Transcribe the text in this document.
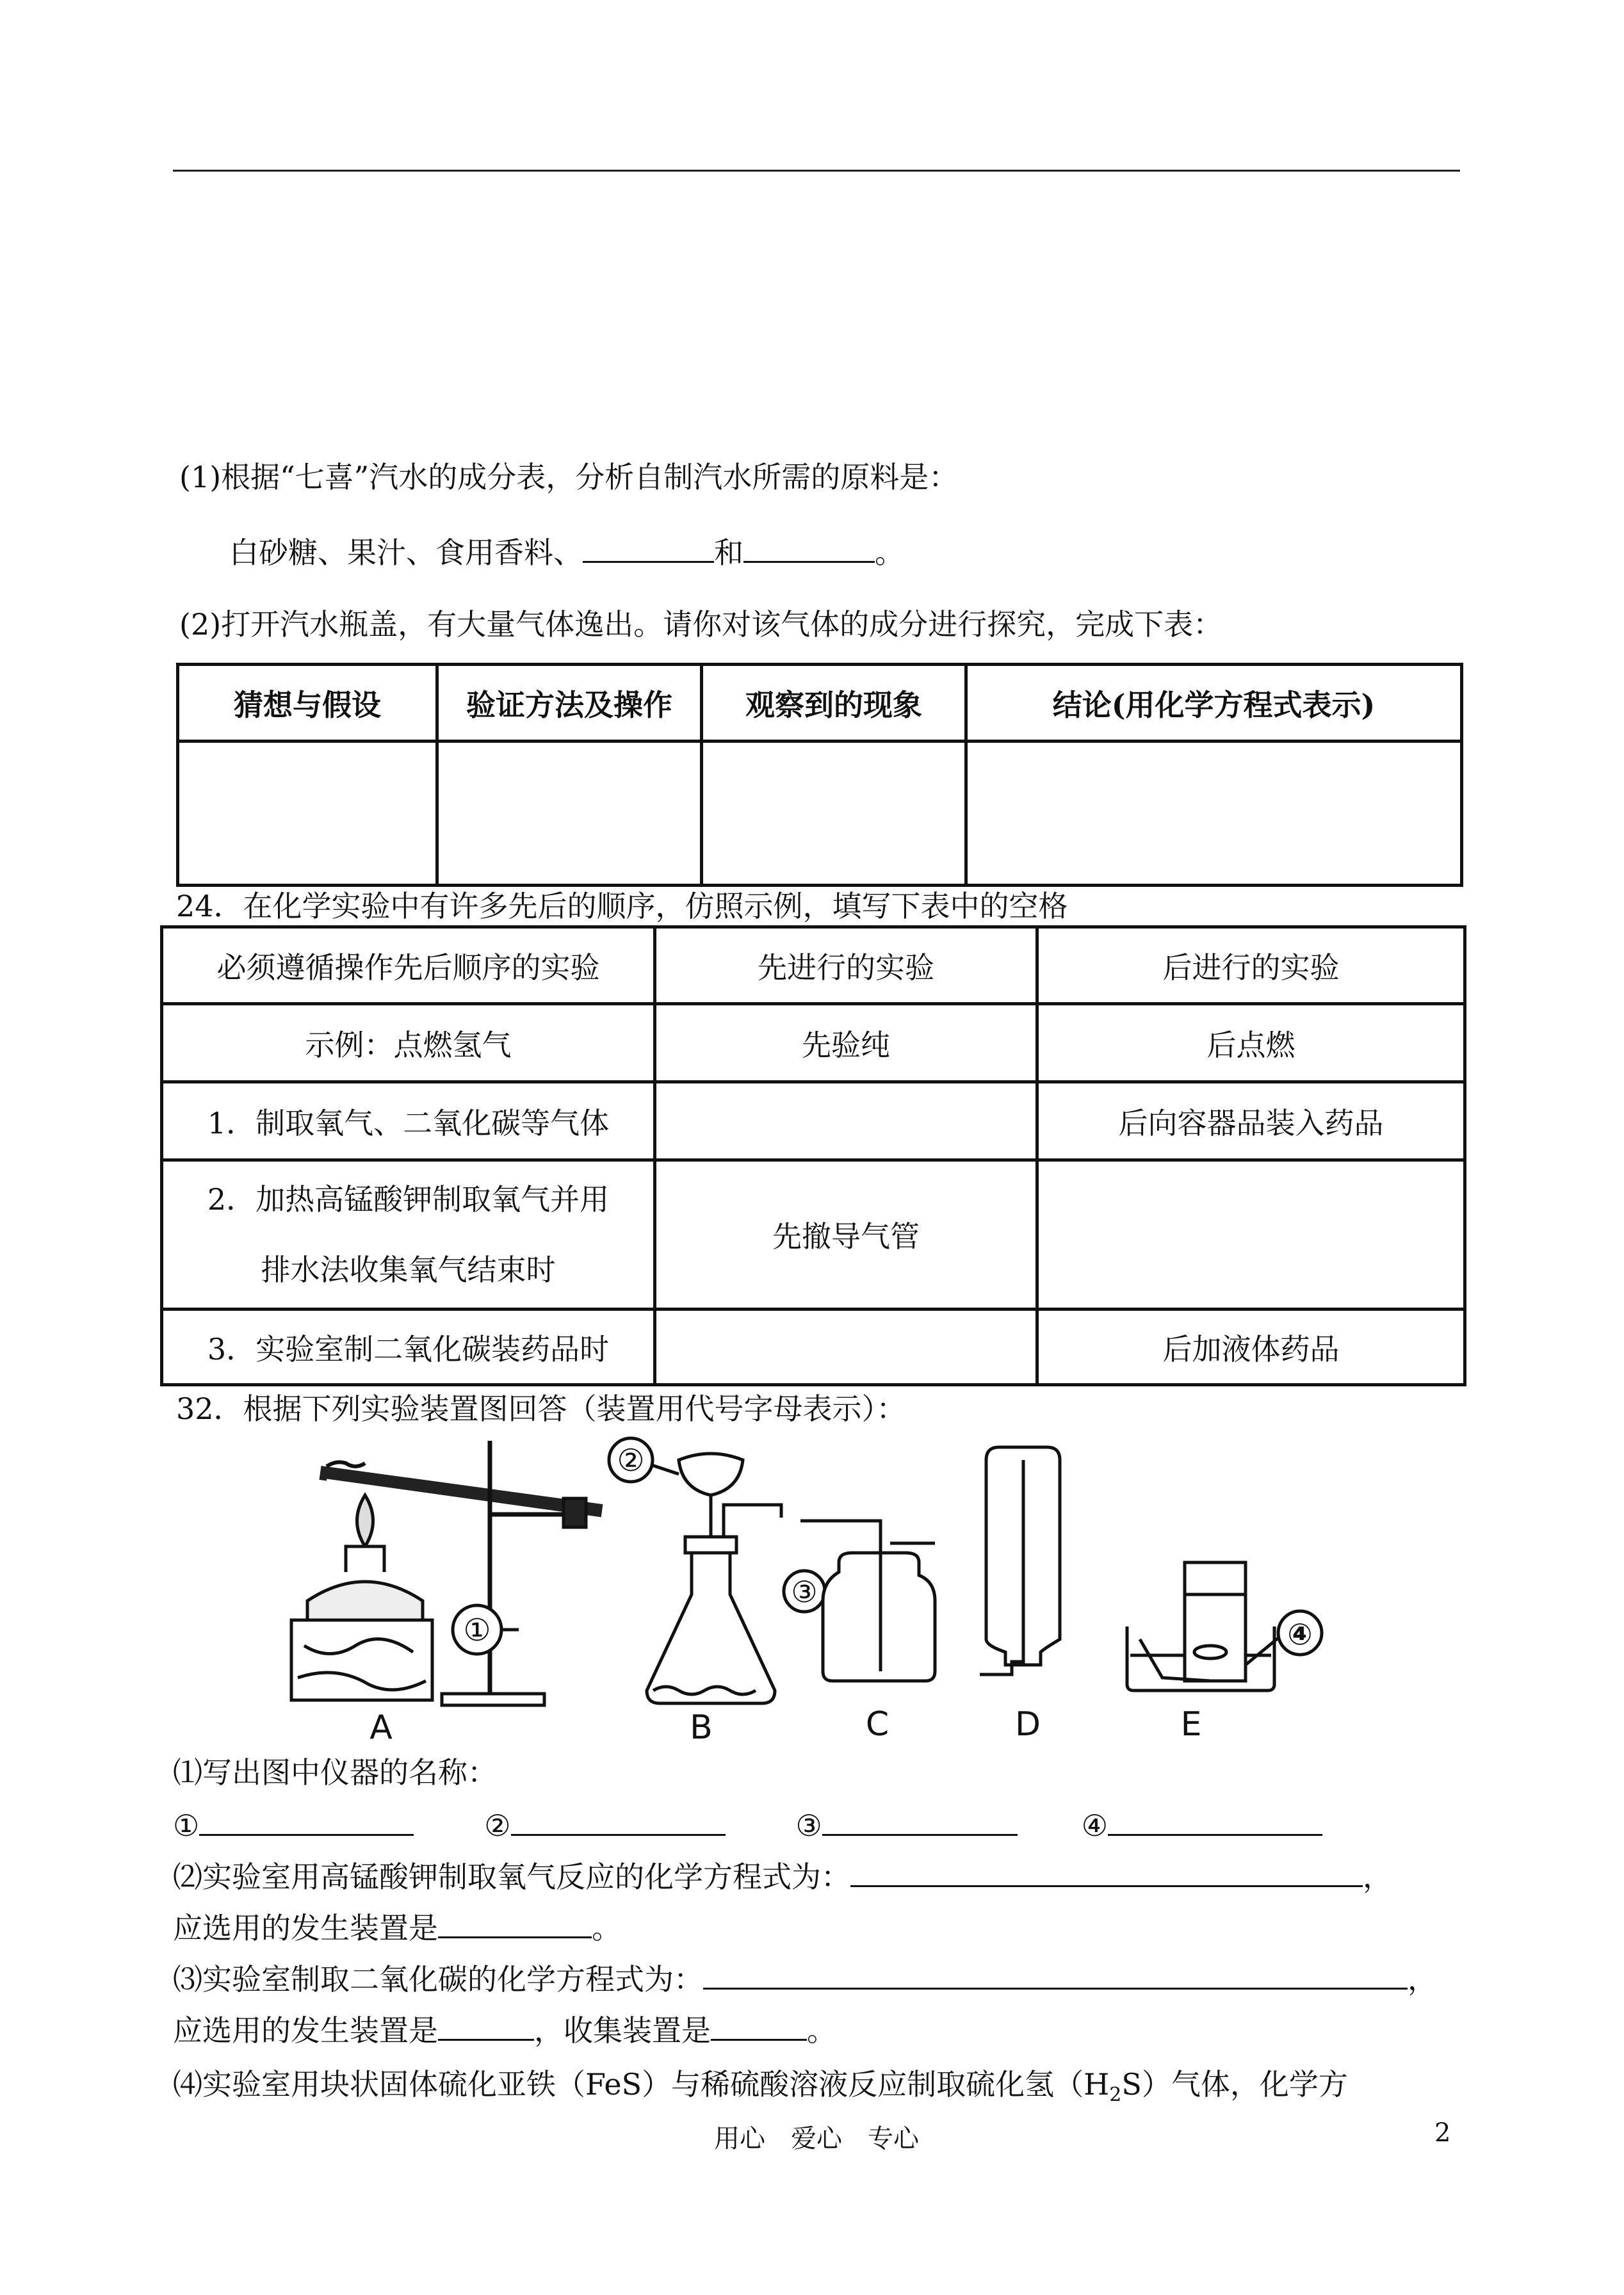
(1)根据“七喜”汽水的成分表，分析自制汽水所需的原料是：
白砂糖、果汁、食用香料、	和	。
(2)打开汽水瓶盖，有大量气体逸出。请你对该气体的成分进行探究，完成下表：
猜想与假设	验证方法及操作	观察到的现象	结论(用化学方程式表示)

24．在化学实验中有许多先后的顺序，仿照示例，填写下表中的空格
必须遵循操作先后顺序的实验	先进行的实验	后进行的实验
示例：点燃氢气	先验纯	后点燃
1．制取氧气、二氧化碳等气体		后向容器品装入药品

2．加热高锰酸钾制取氧气并用
排水法收集氧气结束时	先撤导气管	
3．实验室制二氧化碳装药品时		后加液体药品
32．根据下列实验装置图回答（装置用代号字母表示）：
①
②
③
④
A	B	C	D	E
⑴写出图中仪器的名称：
①	②	③	④
⑵实验室用高锰酸钾制取氧气反应的化学方程式为：	，
应选用的发生装置是	。
⑶实验室制取二氧化碳的化学方程式为：	，
应选用的发生装置是	，收集装置是	。
⑷实验室用块状固体硫化亚铁（FeS）与稀硫酸溶液反应制取硫化氢$(H_2S)$气体，化学方
用心　爱心　专心	2
